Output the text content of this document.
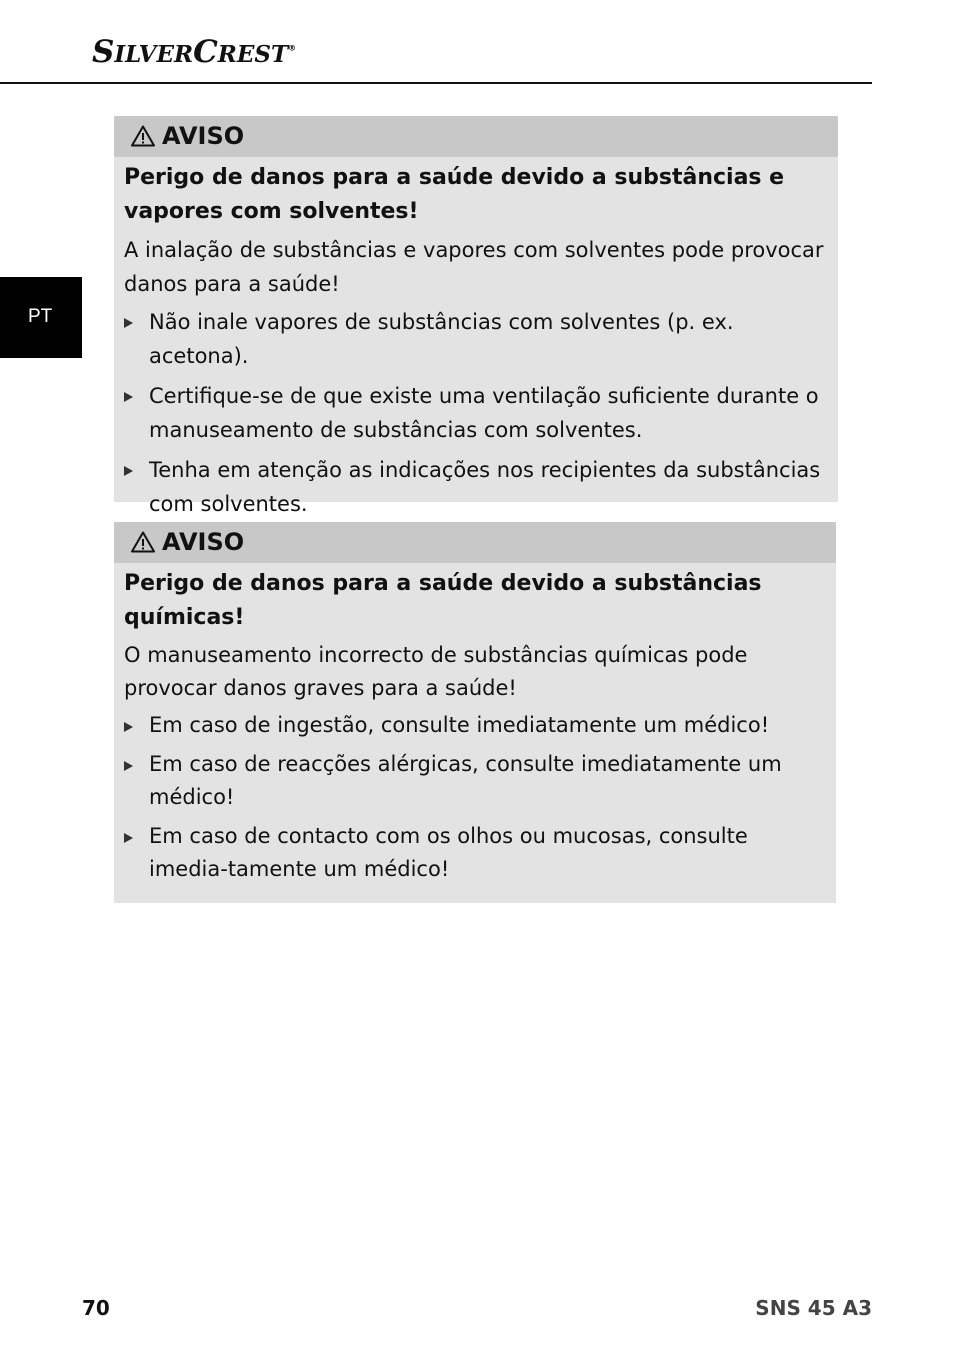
SILVERCREST®
PT
AVISO

Perigo de danos para a saúde devido a substâncias e vapores com solventes!

A inalação de substâncias e vapores com solventes pode provocar danos para a saúde!

Não inale vapores de substâncias com solventes (p. ex. acetona).
Certifique-se de que existe uma ventilação suficiente durante o manuseamento de substâncias com solventes.
Tenha em atenção as indicações nos recipientes da substâncias com solventes.
AVISO

Perigo de danos para a saúde devido a substâncias químicas!

O manuseamento incorrecto de substâncias químicas pode provocar danos graves para a saúde!

Em caso de ingestão, consulte imediatamente um médico!
Em caso de reacções alérgicas, consulte imediatamente um médico!
Em caso de contacto com os olhos ou mucosas, consulte imedia-tamente um médico!
70	SNS 45 A3
